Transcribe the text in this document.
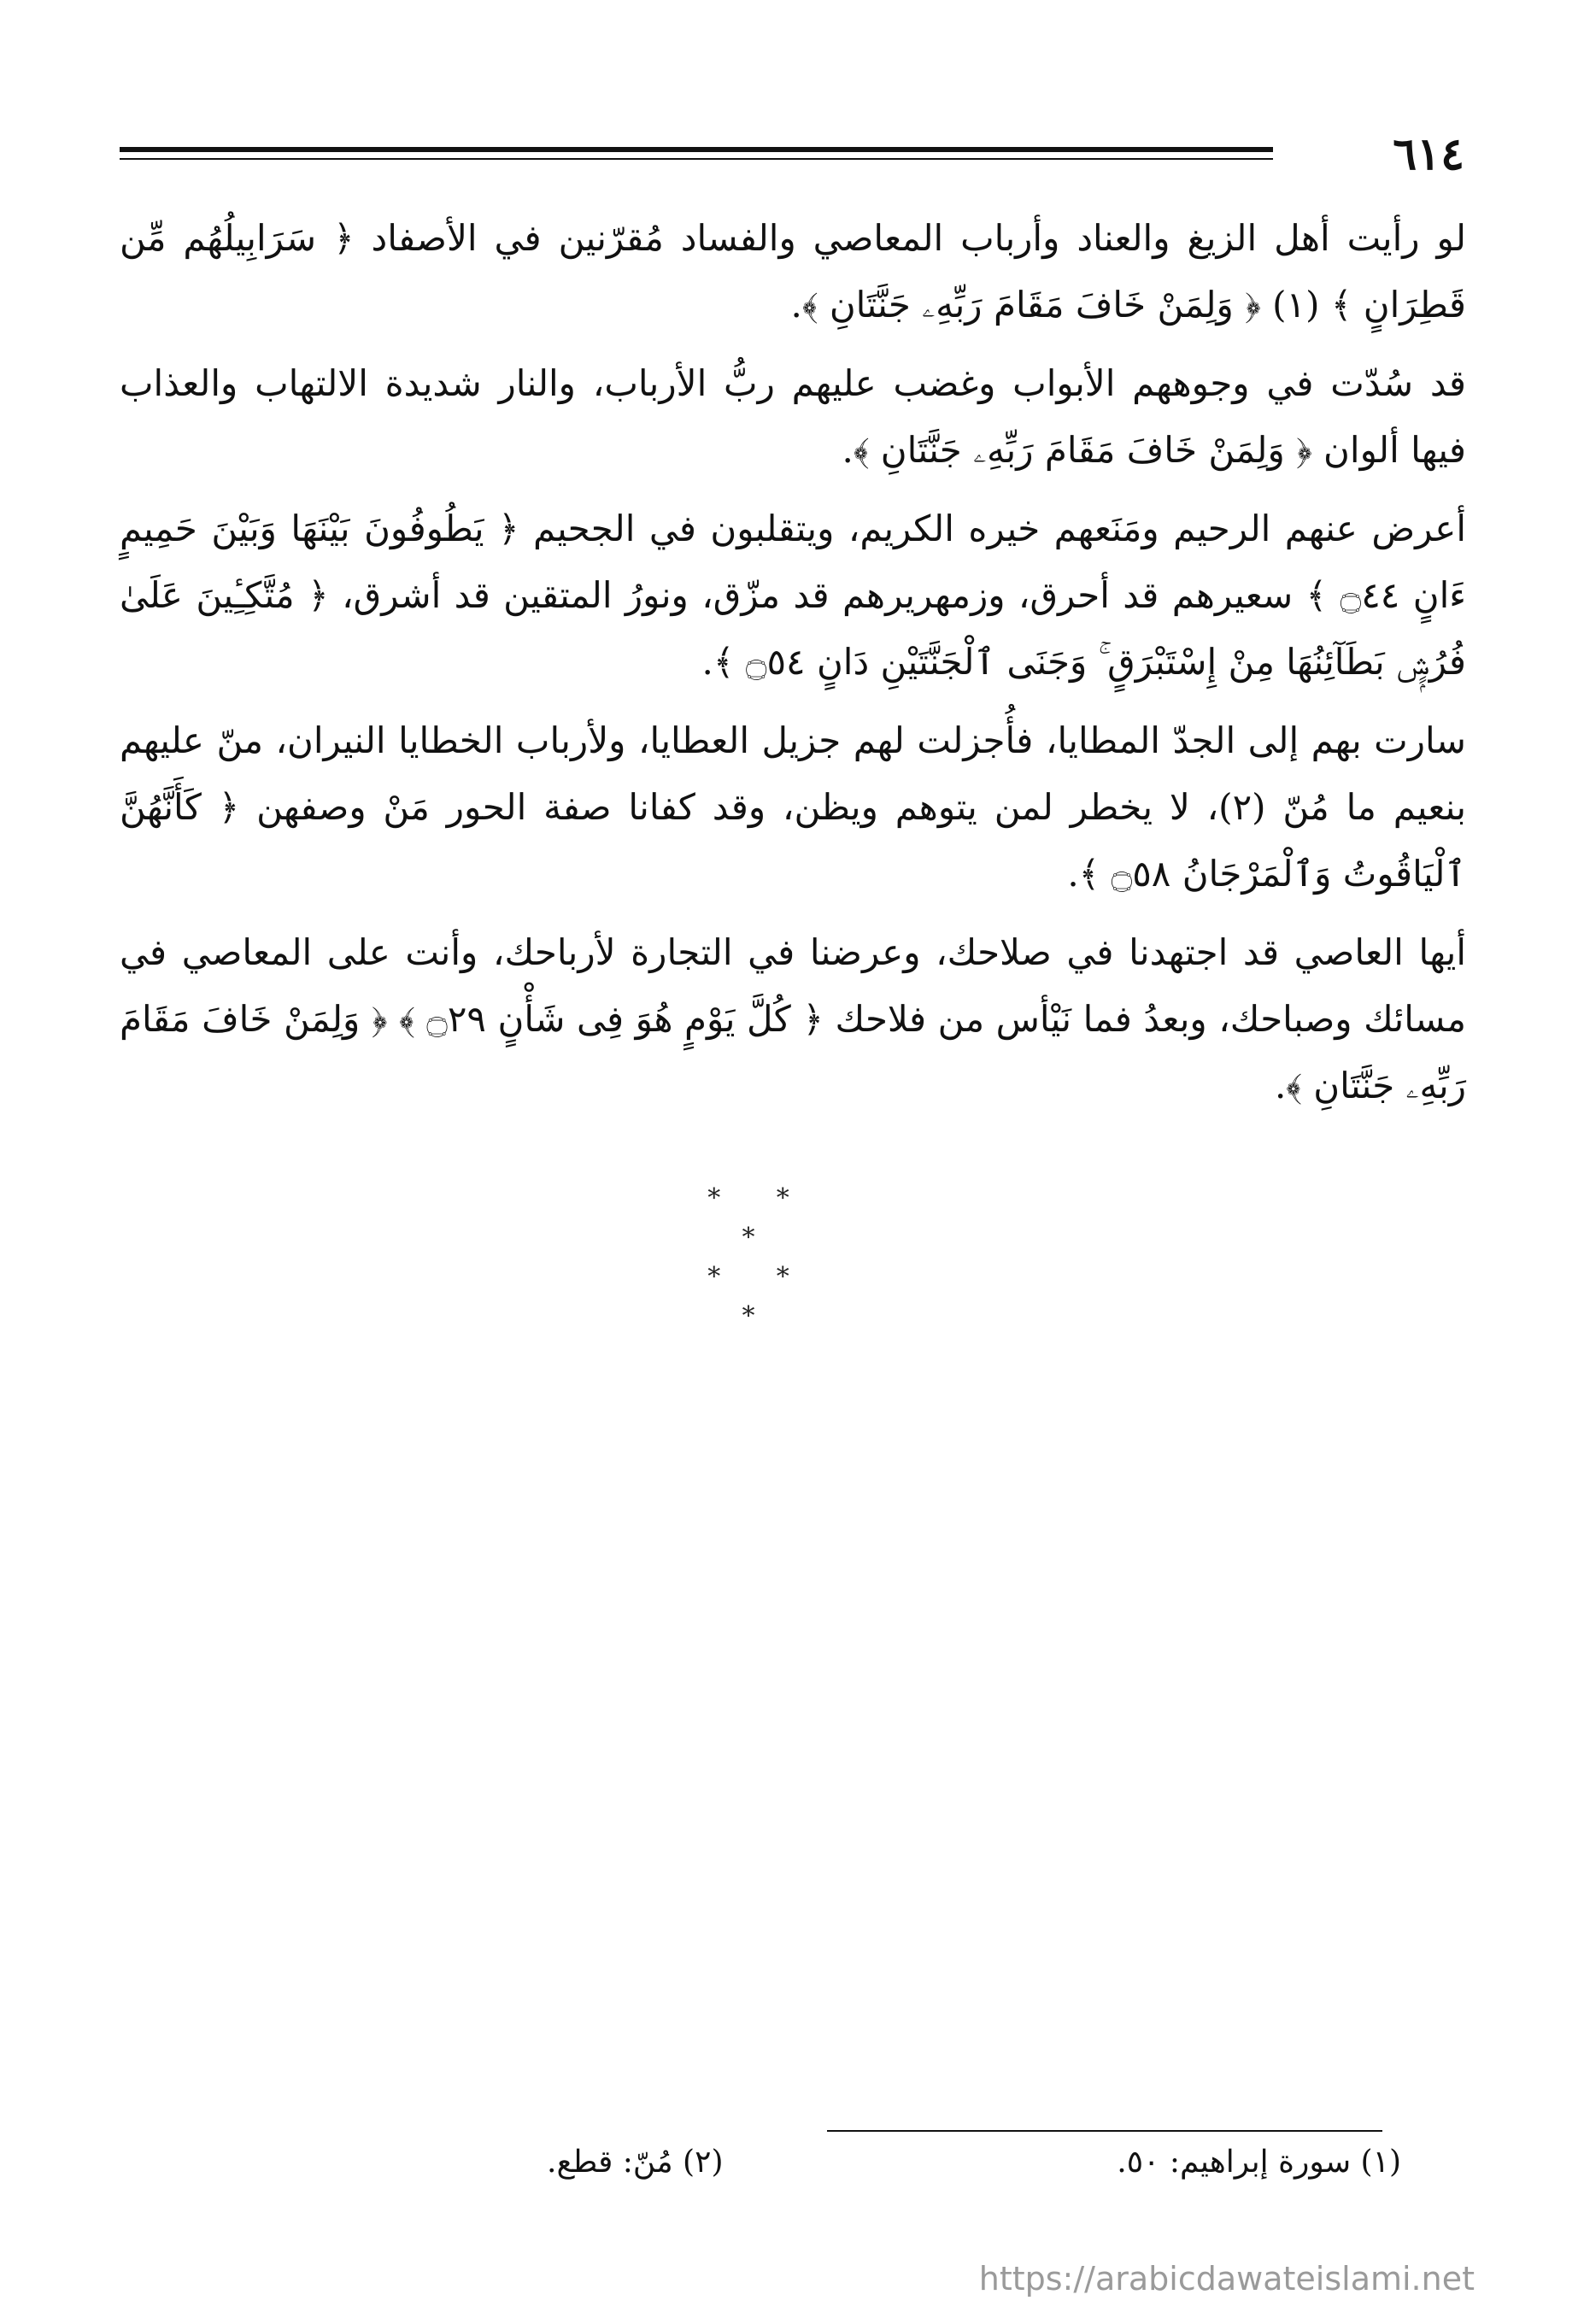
٦١٤

لو رأيت أهل الزيغ والعناد وأرباب المعاصي والفساد مُقرّنين في الأصفاد ﴿ سَرَابِيلُهُم مِّن قَطِرَانٍ ﴾ (١) ﴿ وَلِمَنْ خَافَ مَقَامَ رَبِّهِۦ جَنَّتَانِ ﴾.

قد سُدّت في وجوههم الأبواب وغضب عليهم ربُّ الأرباب، والنار شديدة الالتهاب والعذاب فيها ألوان ﴿ وَلِمَنْ خَافَ مَقَامَ رَبِّهِۦ جَنَّتَانِ ﴾.

أعرض عنهم الرحيم ومَنَعهم خيره الكريم، ويتقلبون في الجحيم ﴿ يَطُوفُونَ بَيْنَهَا وَبَيْنَ حَمِيمٍ ءَانٍ ۝٤٤ ﴾ سعيرهم قد أحرق، وزمهريرهم قد مزّق، ونورُ المتقين قد أشرق، ﴿ مُتَّكِـِٔينَ عَلَىٰ فُرُشٍۭ بَطَآئِنُهَا مِنْ إِسْتَبْرَقٍ ۚ وَجَنَى ٱلْجَنَّتَيْنِ دَانٍ ۝٥٤ ﴾.

سارت بهم إلى الجدّ المطايا، فأُجزلت لهم جزيل العطايا، ولأرباب الخطايا النيران، منّ عليهم بنعيم ما مُنّ (٢)، لا يخطر لمن يتوهم ويظن، وقد كفانا صفة الحور مَنْ وصفهن ﴿ كَأَنَّهُنَّ ٱلْيَاقُوتُ وَٱلْمَرْجَانُ ۝٥٨ ﴾.

أيها العاصي قد اجتهدنا في صلاحك، وعرضنا في التجارة لأرباحك، وأنت على المعاصي في مسائك وصباحك، وبعدُ فما نَيْأس من فلاحك ﴿ كُلَّ يَوْمٍ هُوَ فِى شَأْنٍ ۝٢٩ ﴾ ﴿ وَلِمَنْ خَافَ مَقَامَ رَبِّهِۦ جَنَّتَانِ ﴾.

* * *
* *
*
(١) سورة إبراهيم: ٥٠.
(٢) مُنّ: قطع.
https://arabicdawateislami.net
